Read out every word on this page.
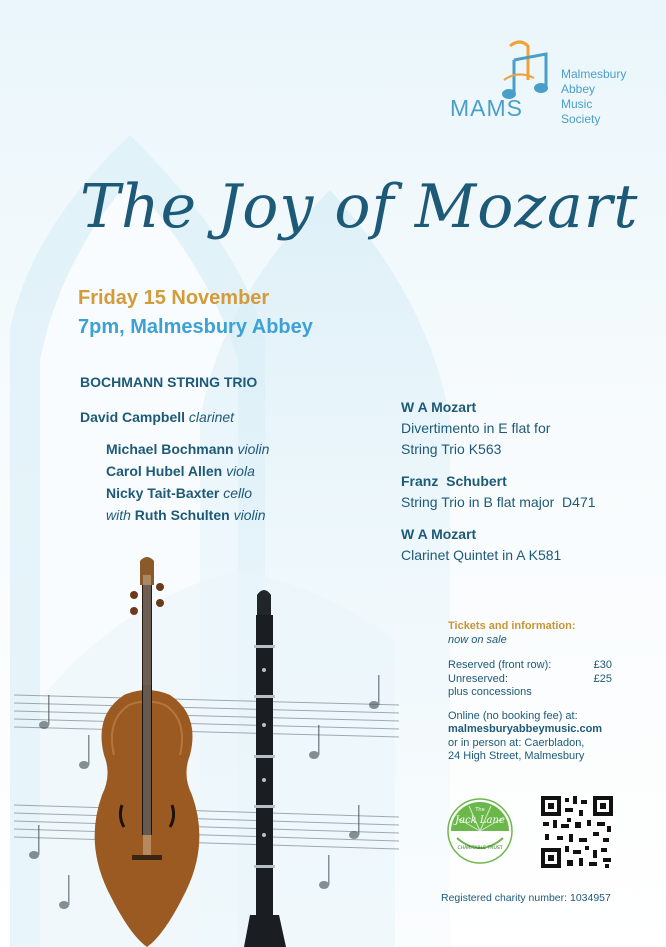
MAMS
Malmesbury
Abbey
Music
Society
The Joy of Mozart
Friday 15 November
7pm, Malmesbury Abbey
BOCHMANN STRING TRIO
David Campbell clarinet
Michael Bochmann violin
Carol Hubel Allen viola
Nicky Tait-Baxter cello
with Ruth Schulten violin
W A Mozart
Divertimento in E flat for
String Trio K563
Franz  Schubert
String Trio in B flat major  D471
W A Mozart
Clarinet Quintet in A K581
Tickets and information:
now on sale
Reserved (front row):	£30
Unreserved:	£25
plus concessions
Online (no booking fee) at:
malmesburyabbeymusic.com
or in person at: Caerbladon,
24 High Street, Malmesbury
The
Jack Lane
CHARITABLE TRUST
Registered charity number: 1034957
